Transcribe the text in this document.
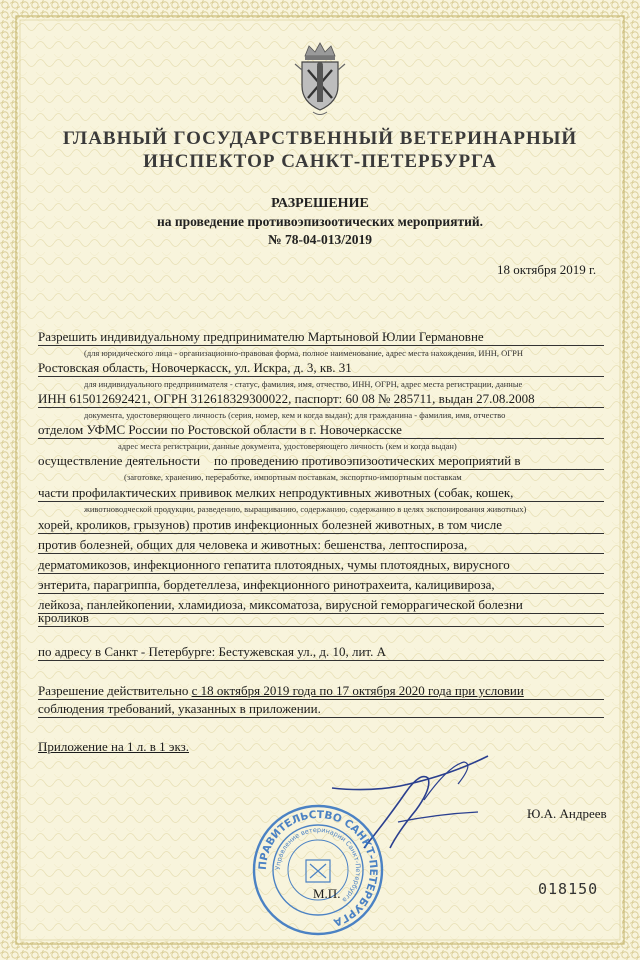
ГЛАВНЫЙ ГОСУДАРСТВЕННЫЙ ВЕТЕРИНАРНЫЙ
ИНСПЕКТОР САНКТ-ПЕТЕРБУРГА
РАЗРЕШЕНИЕ
на проведение противоэпизоотических мероприятий.
№ 78-04-013/2019
18 октября 2019 г.
Разрешить индивидуальному предпринимателю Мартыновой Юлии Германовне
(для юридического лица - организационно-правовая форма, полное наименование, адрес места нахождения, ИНН, ОГРН
Ростовская область, Новочеркасск, ул. Искра, д. 3, кв. 31
для индивидуального предпринимателя - статус, фамилия, имя, отчество, ИНН, ОГРН, адрес места регистрации, данные
ИНН 615012692421, ОГРН 312618329300022, паспорт: 60 08 № 285711, выдан 27.08.2008
документа, удостоверяющего личность (серия, номер, кем и когда выдан); для гражданина - фамилия, имя, отчество
отделом УФМС России по Ростовской области в г. Новочеркасске
адрес места регистрации, данные документа, удостоверяющего личность (кем и когда выдан)
осуществление деятельности по проведению противоэпизоотических мероприятий в
(заготовке, хранению, переработке, импортным поставкам, экспортно-импортным поставкам
части профилактических прививок мелких непродуктивных животных (собак, кошек,
животноводческой продукции, разведению, выращиванию, содержанию, содержанию в целях экспонирования животных)
хорей, кроликов, грызунов) против инфекционных болезней животных, в том числе
против болезней, общих для человека и животных: бешенства, лептоспироза,
дерматомикозов, инфекционного гепатита плотоядных, чумы плотоядных, вирусного
энтерита, парагриппа, бордетеллеза, инфекционного ринотрахеита, калицивироза,
лейкоза, панлейкопении, хламидиоза, миксоматоза, вирусной геморрагической болезни
кроликов
по адресу в Санкт - Петербурге: Бестужевская ул., д. 10, лит. А
Разрешение действительно с 18 октября 2019 года по 17 октября 2020 года при условии
соблюдения требований, указанных в приложении.
Приложение на 1 л. в 1 экз.
Ю.А. Андреев
ПРАВИТЕЛЬСТВО САНКТ-ПЕТЕРБУРГА
Управление ветеринарии Санкт-Петербурга
М.П.	018150
